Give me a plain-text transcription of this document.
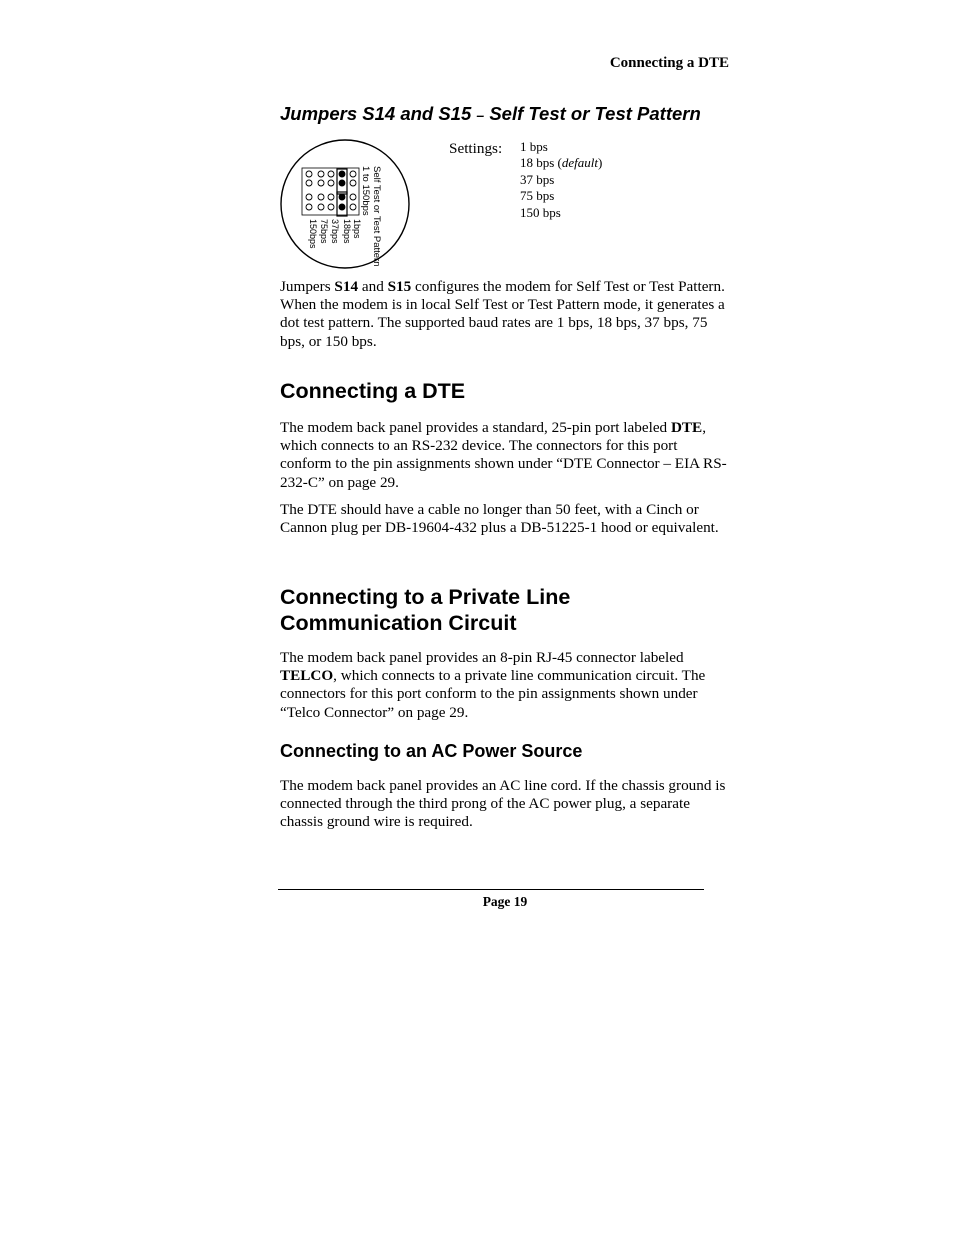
Connecting a DTE
Jumpers S14 and S15 – Self Test or Test Pattern
Self Test or Test Pattern
1 to 150bps
1bps
18bps
37bps
75bps
150bps
Settings: 1 bps
18 bps (default)
37 bps
75 bps
150 bps

Jumpers S14 and S15 configures the modem for Self Test or Test Pattern. When the modem is in local Self Test or Test Pattern mode, it generates a dot test pattern. The supported baud rates are 1 bps, 18 bps, 37 bps, 75 bps, or 150 bps.

Connecting a DTE

The modem back panel provides a standard, 25-pin port labeled DTE, which connects to an RS-232 device. The connectors for this port conform to the pin assignments shown under “DTE Connector – EIA RS-232-C” on page 29.

The DTE should have a cable no longer than 50 feet, with a Cinch or Cannon plug per DB-19604-432 plus a DB-51225-1 hood or equivalent.

Connecting to a Private Line
Communication Circuit

The modem back panel provides an 8-pin RJ-45 connector labeled TELCO, which connects to a private line communication circuit. The connectors for this port conform to the pin assignments shown under “Telco Connector” on page 29.

Connecting to an AC Power Source

The modem back panel provides an AC line cord. If the chassis ground is connected through the third prong of the AC power plug, a separate chassis ground wire is required.

Page 19
